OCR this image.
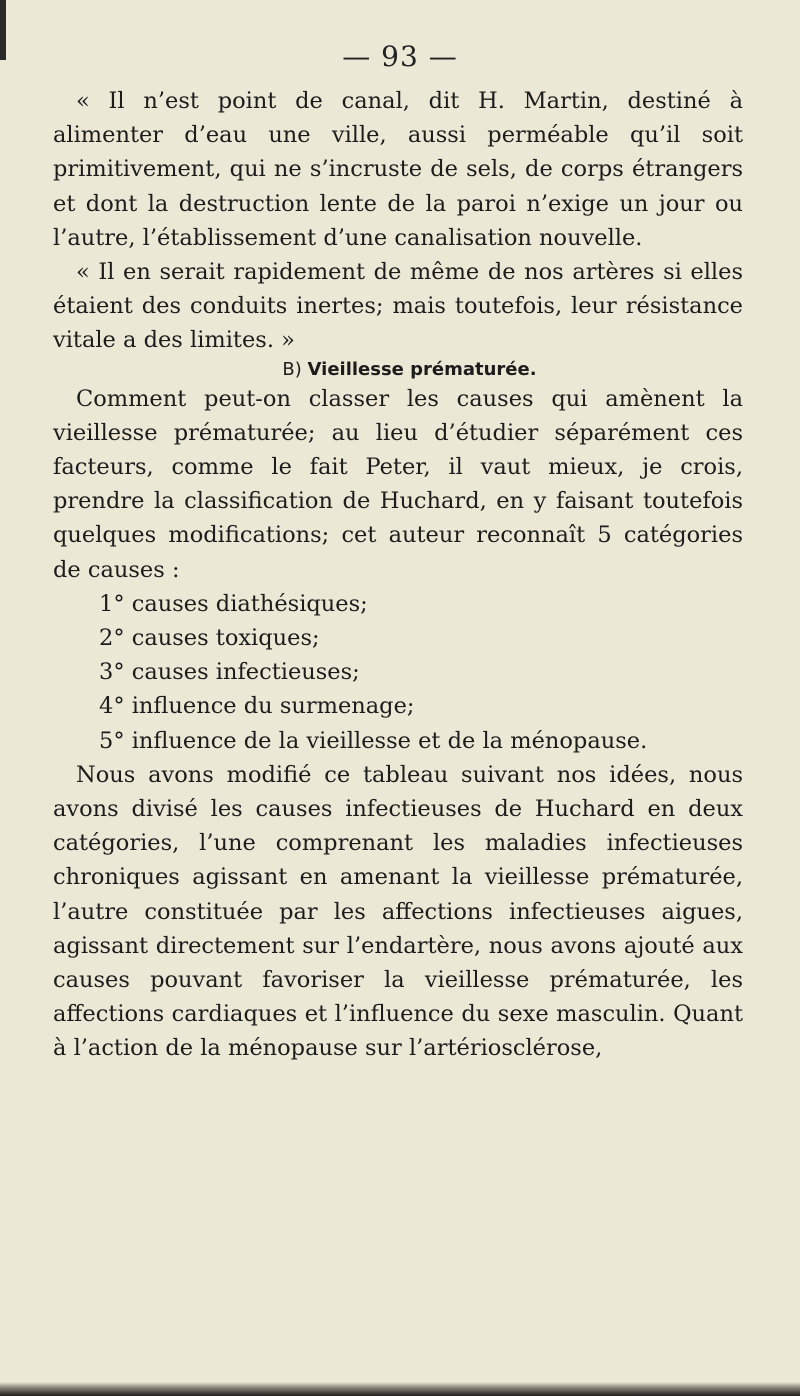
— 93 —

« Il n’est point de canal, dit H. Martin, destiné à alimenter d’eau une ville, aussi perméable qu’il soit primitivement, qui ne s’incruste de sels, de corps étrangers et dont la destruction lente de la paroi n’exige un jour ou l’autre, l’établissement d’une canalisation nouvelle.

« Il en serait rapidement de même de nos artères si elles étaient des conduits inertes; mais toutefois, leur résistance vitale a des limites. »

B) Vieillesse prématurée.

Comment peut-on classer les causes qui amènent la vieillesse prématurée; au lieu d’étudier séparément ces facteurs, comme le fait Peter, il vaut mieux, je crois, prendre la classification de Huchard, en y faisant toutefois quelques modifications; cet auteur reconnaît 5 catégories de causes :

1° causes diathésiques;

2° causes toxiques;

3° causes infectieuses;

4° influence du surmenage;

5° influence de la vieillesse et de la ménopause.

Nous avons modifié ce tableau suivant nos idées, nous avons divisé les causes infectieuses de Huchard en deux catégories, l’une comprenant les maladies infectieuses chroniques agissant en amenant la vieillesse prématurée, l’autre constituée par les affections infectieuses aigues, agissant directement sur l’endartère, nous avons ajouté aux causes pouvant favoriser la vieillesse prématurée, les affections cardiaques et l’influence du sexe masculin. Quant à l’action de la ménopause sur l’artériosclérose,
